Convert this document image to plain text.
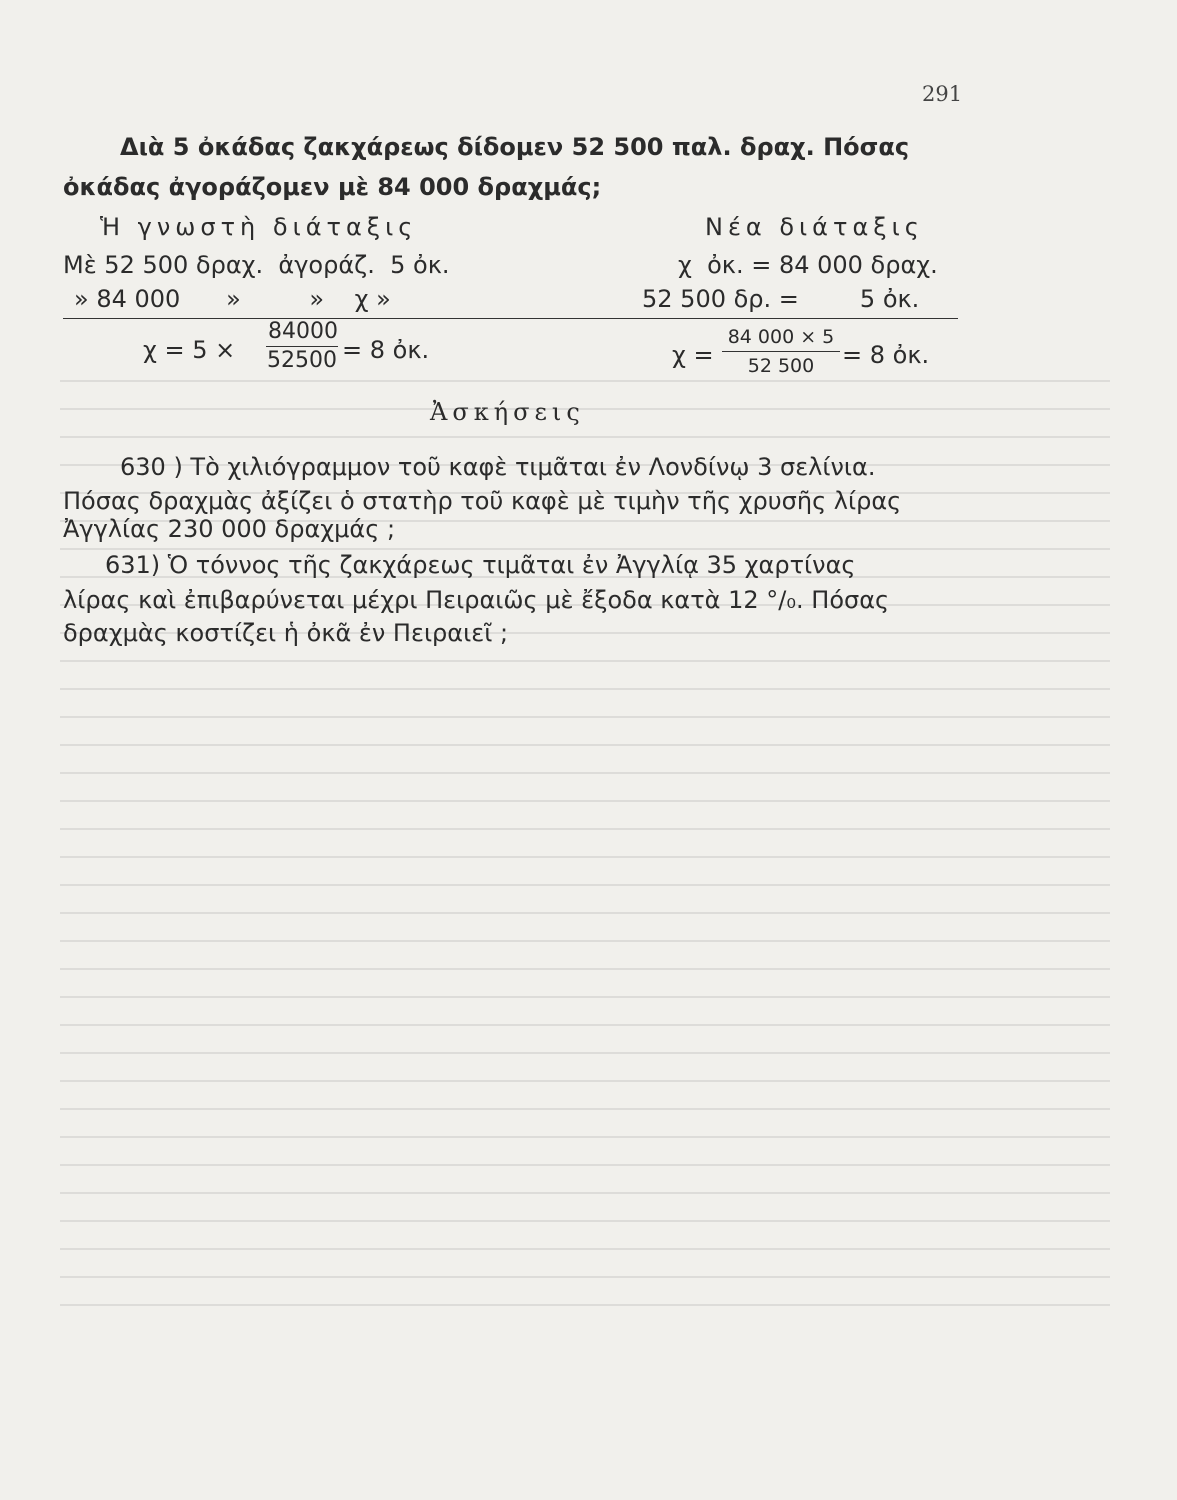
291
Διὰ 5 ὀκάδας ζακχάρεως δίδομεν 52 500 παλ. δραχ. Πόσας
ὀκάδας ἀγοράζομεν μὲ 84 000 δραχμάς;
Ἡ γνωστὴ διάταξις	Νέα διάταξις
Μὲ 52 500 δραχ.  ἀγοράζ.  5 ὀκ.	χ  ὀκ. = 84 000 δραχ.
» 84 000      »         »    χ »	52 500 δρ. =        5 ὀκ.
$\chi = 5 \times \frac{84000}{52500} = 8$ ὀκ.	$\chi = \frac{84 000 \times 5}{52 500} = 8$ ὀκ.
Ἀσκήσεις
630 ) Τὸ χιλιόγραμμον τοῦ καφὲ τιμᾶται ἐν Λονδίνῳ 3 σελίνια.
Πόσας δραχμὰς ἀξίζει ὁ στατὴρ τοῦ καφὲ μὲ τιμὴν τῆς χρυσῆς λίρας
Ἀγγλίας 230 000 δραχμάς ;
631) Ὁ τόννος τῆς ζακχάρεως τιμᾶται ἐν Ἀγγλίᾳ 35 χαρτίνας
λίρας καὶ ἐπιβαρύνεται μέχρι Πειραιῶς μὲ ἔξοδα κατὰ 12 °/₀. Πόσας
δραχμὰς κοστίζει ἡ ὀκᾶ ἐν Πειραιεῖ ;
